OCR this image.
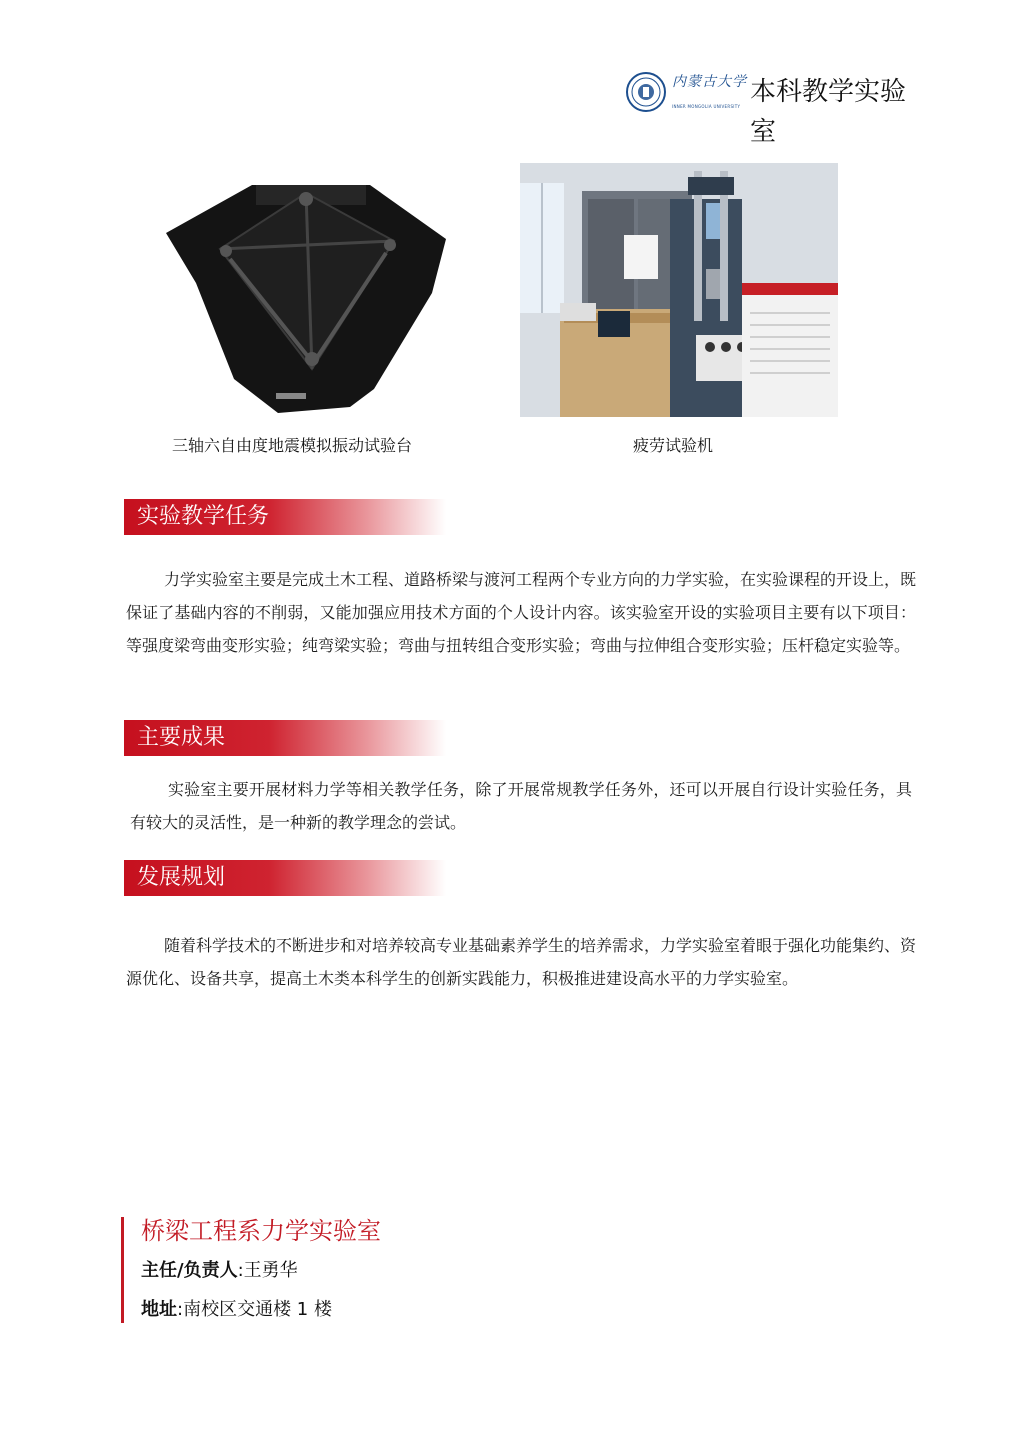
内蒙古大学
INNER MONGOLIA UNIVERSITY 本科教学实验室
三轴六自由度地震模拟振动试验台	疲劳试验机
实验教学任务

力学实验室主要是完成土木工程、道路桥梁与渡河工程两个专业方向的力学实验，在实验课程的开设上，既保证了基础内容的不削弱，又能加强应用技术方面的个人设计内容。该实验室开设的实验项目主要有以下项目：等强度梁弯曲变形实验；纯弯梁实验；弯曲与扭转组合变形实验；弯曲与拉伸组合变形实验；压杆稳定实验等。

主要成果

实验室主要开展材料力学等相关教学任务，除了开展常规教学任务外，还可以开展自行设计实验任务，具有较大的灵活性，是一种新的教学理念的尝试。

发展规划

随着科学技术的不断进步和对培养较高专业基础素养学生的培养需求，力学实验室着眼于强化功能集约、资源优化、设备共享，提高土木类本科学生的创新实践能力，积极推进建设高水平的力学实验室。

桥梁工程系力学实验室
主任/负责人:王勇华
地址:南校区交通楼 1 楼
